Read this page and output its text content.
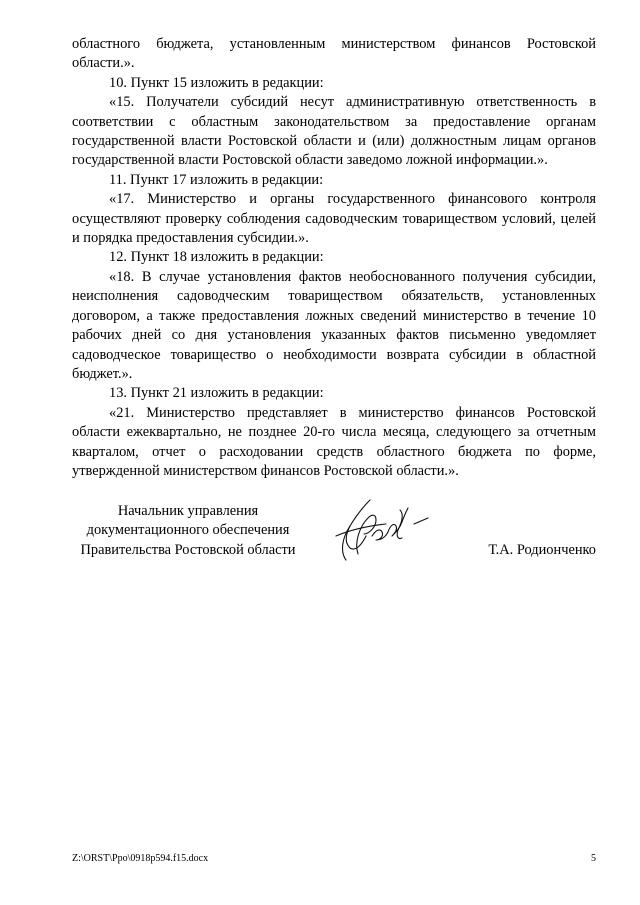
областного бюджета, установленным министерством финансов Ростовской области.».

10. Пункт 15 изложить в редакции:

«15. Получатели субсидий несут административную ответственность в соответствии с областным законодательством за предоставление органам государственной власти Ростовской области и (или) должностным лицам органов государственной власти Ростовской области заведомо ложной информации.».

11. Пункт 17 изложить в редакции:

«17. Министерство и органы государственного финансового контроля осуществляют проверку соблюдения садоводческим товариществом условий, целей и порядка предоставления субсидии.».

12. Пункт 18 изложить в редакции:

«18. В случае установления фактов необоснованного получения субсидии, неисполнения садоводческим товариществом обязательств, установленных договором, а также предоставления ложных сведений министерство в течение 10 рабочих дней со дня установления указанных фактов письменно уведомляет садоводческое товарищество о необходимости возврата субсидии в областной бюджет.».

13. Пункт 21 изложить в редакции:

«21. Министерство представляет в министерство финансов Ростовской области ежеквартально, не позднее 20-го числа месяца, следующего за отчетным кварталом, отчет о расходовании средств областного бюджета по форме, утвержденной министерством финансов Ростовской области.».

Начальник управления
документационного обеспечения
Правительства Ростовской области	Т.А. Родионченко
Z:\ORST\Ppo\0918p594.f15.docx	5
